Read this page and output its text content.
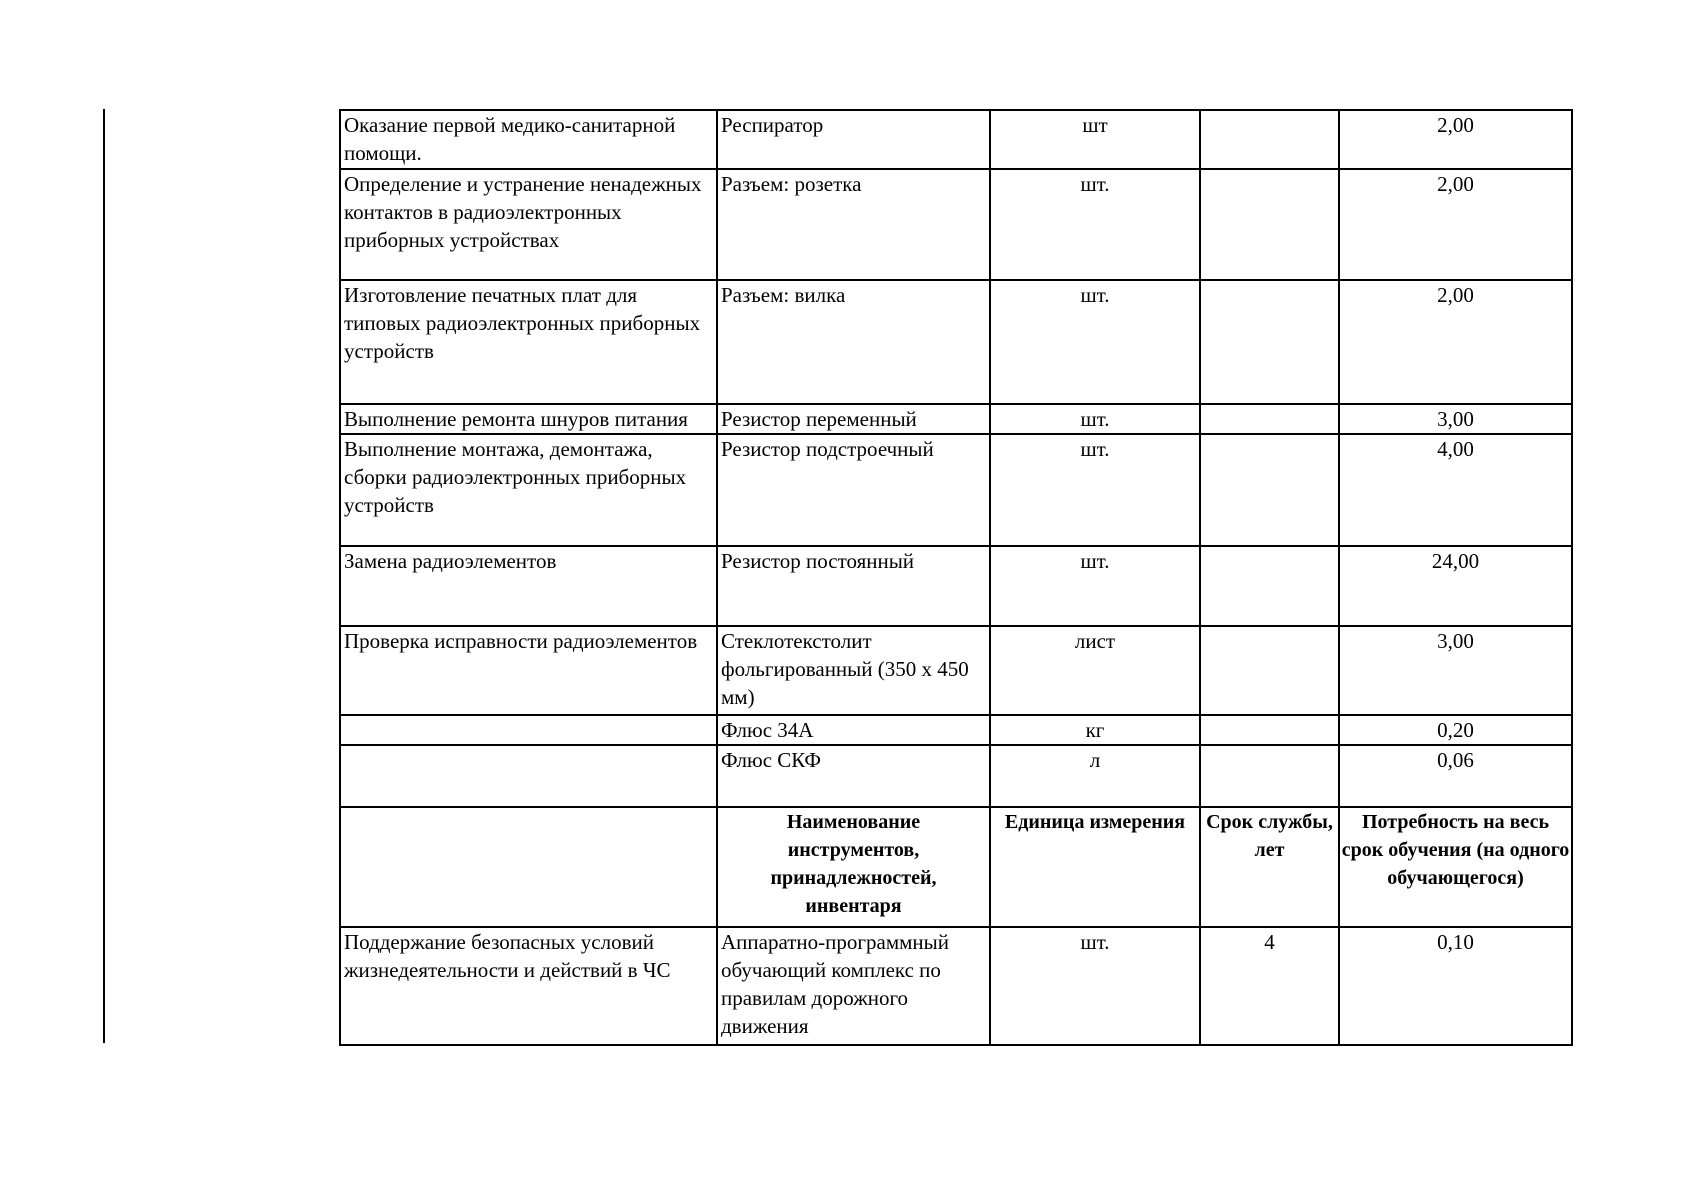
Оказание первой медико-санитарной помощи.	Респиратор	шт		2,00
Определение и устранение ненадежных контактов в радиоэлектронных приборных устройствах	Разъем: розетка	шт.		2,00
Изготовление печатных плат для типовых радиоэлектронных приборных устройств	Разъем: вилка	шт.		2,00
Выполнение ремонта шнуров питания	Резистор переменный	шт.		3,00
Выполнение монтажа, демонтажа, сборки радиоэлектронных приборных устройств	Резистор подстроечный	шт.		4,00
Замена радиоэлементов	Резистор постоянный	шт.		24,00
Проверка исправности радиоэлементов	Стеклотекстолит фольгированный (350 х 450 мм)	лист		3,00
	Флюс 34А	кг		0,20
	Флюс СКФ	л		0,06
	Наименование инструментов, принадлежностей, инвентаря	Единица измерения	Срок службы, лет	Потребность на весь срок обучения (на одного обучающегося)
Поддержание безопасных условий жизнедеятельности и действий в ЧС	Аппаратно-программный обучающий комплекс по правилам дорожного движения	шт.	4	0,10
